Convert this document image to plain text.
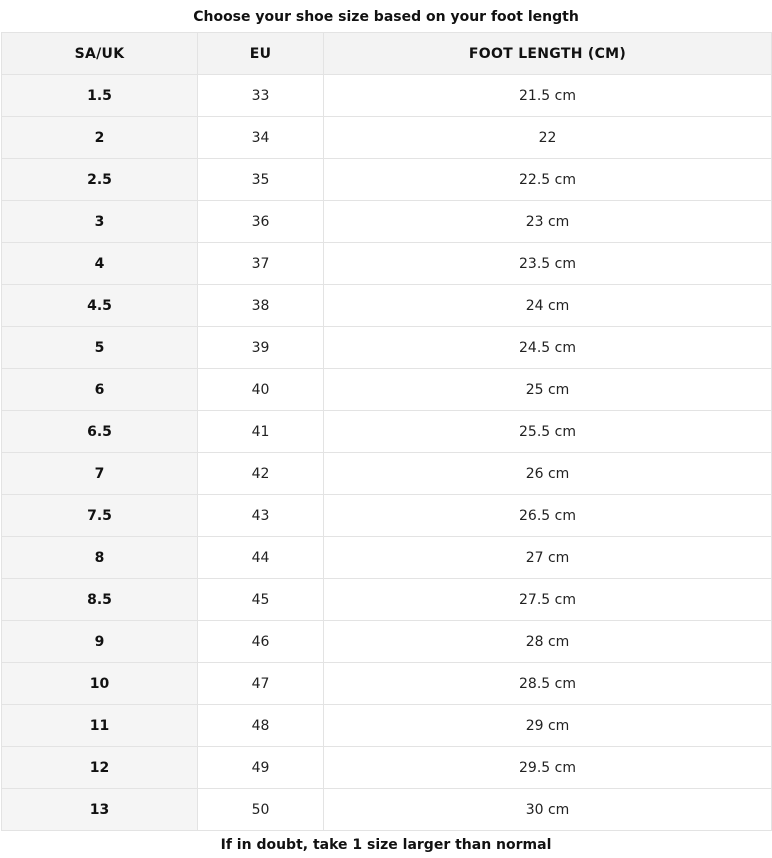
Choose your shoe size based on your foot length
SA/UK	EU	FOOT LENGTH (CM)
1.5	33	21.5 cm
2	34	22
2.5	35	22.5 cm
3	36	23 cm
4	37	23.5 cm
4.5	38	24 cm
5	39	24.5 cm
6	40	25 cm
6.5	41	25.5 cm
7	42	26 cm
7.5	43	26.5 cm
8	44	27 cm
8.5	45	27.5 cm
9	46	28 cm
10	47	28.5 cm
11	48	29 cm
12	49	29.5 cm
13	50	30 cm
If in doubt, take 1 size larger than normal
